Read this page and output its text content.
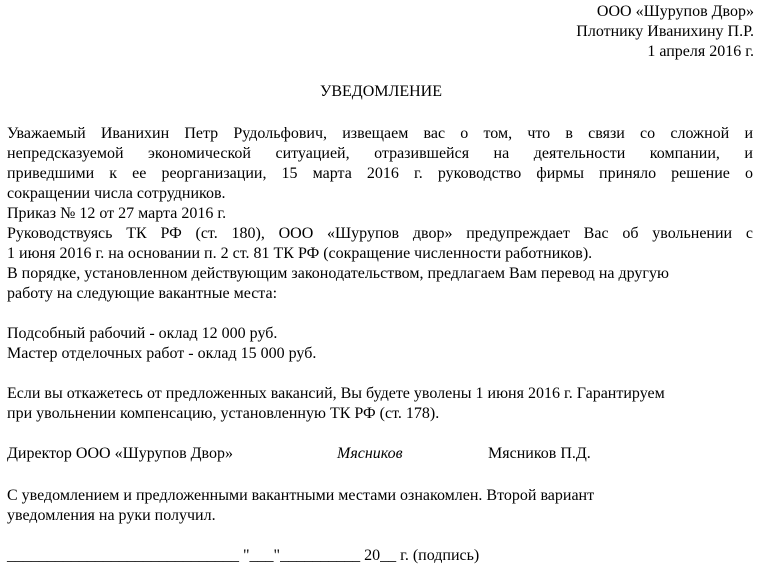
ООО «Шурупов Двор»
Плотнику Иванихину П.Р.
1 апреля 2016 г.
УВЕДОМЛЕНИЕ
Уважаемый Иванихин Петр Рудольфович, извещаем вас о том, что в связи со сложной и
непредсказуемой экономической ситуацией, отразившейся на деятельности компании, и
приведшими к ее реорганизации, 15 марта 2016 г. руководство фирмы приняло решение о
сокращении числа сотрудников.
Приказ № 12 от 27 марта 2016 г.
Руководствуясь ТК РФ (ст. 180), ООО «Шурупов двор» предупреждает Вас об увольнении с
1 июня 2016 г. на основании п. 2 ст. 81 ТК РФ (сокращение численности работников).
В порядке, установленном действующим законодательством, предлагаем Вам перевод на другую
работу на следующие вакантные места:
Подсобный рабочий - оклад 12 000 руб.
Мастер отделочных работ - оклад 15 000 руб.
Если вы откажетесь от предложенных вакансий, Вы будете уволены 1 июня 2016 г. Гарантируем
при увольнении компенсацию, установленную ТК РФ (ст. 178).
Директор ООО «Шурупов Двор»	Мясников	Мясников П.Д.
С уведомлением и предложенными вакантными местами ознакомлен. Второй вариант
уведомления на руки получил.
_____________________________ "___"__________ 20__ г. (подпись)
